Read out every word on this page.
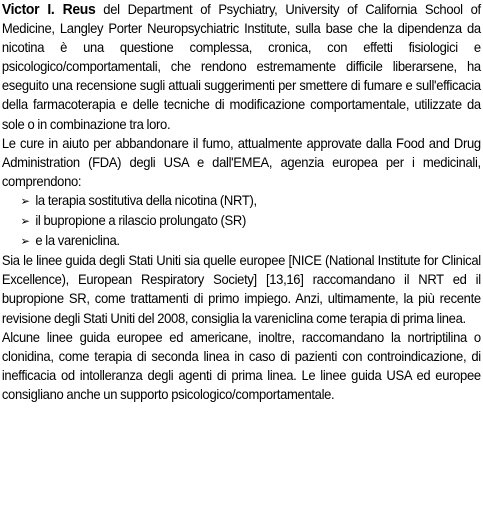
Victor I. Reus del Department of Psychiatry, University of California School of Medicine, Langley Porter Neuropsychiatric Institute, sulla base che la dipendenza da nicotina è una questione complessa, cronica, con effetti fisiologici e psicologico/comportamentali, che rendono estremamente difficile liberarsene, ha eseguito una recensione sugli attuali suggerimenti per smettere di fumare e sull'efficacia della farmacoterapia e delle tecniche di modificazione comportamentale, utilizzate da sole o in combinazione tra loro.

Le cure in aiuto per abbandonare il fumo, attualmente approvate dalla Food and Drug Administration (FDA) degli USA e dall'EMEA, agenzia europea per i medicinali, comprendono:

➢ la terapia sostitutiva della nicotina (NRT),
➢ il bupropione a rilascio prolungato (SR)
➢ e la vareniclina.

Sia le linee guida degli Stati Uniti sia quelle europee [NICE (National Institute for Clinical Excellence), European Respiratory Society] [13,16] raccomandano il NRT ed il bupropione SR, come trattamenti di primo impiego. Anzi, ultimamente, la più recente revisione degli Stati Uniti del 2008, consiglia la vareniclina come terapia di prima linea.

Alcune linee guida europee ed americane, inoltre, raccomandano la nortriptilina o clonidina, come terapia di seconda linea in caso di pazienti con controindicazione, di inefficacia od intolleranza degli agenti di prima linea. Le linee guida USA ed europee consigliano anche un supporto psicologico/comportamentale.
